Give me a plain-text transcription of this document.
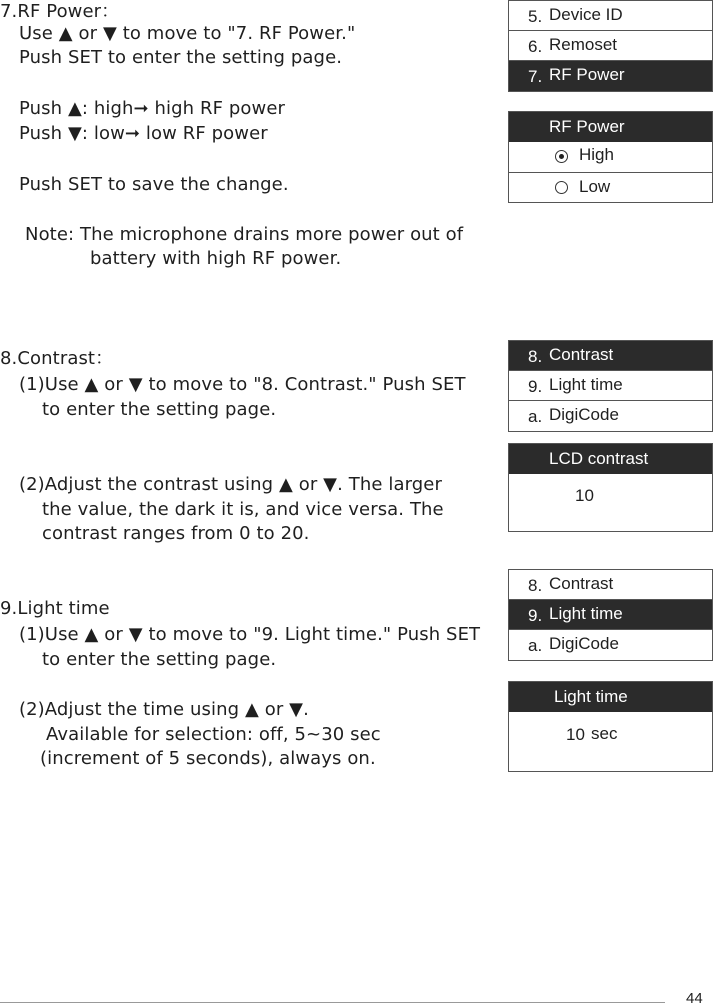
7.RF Power：
Use ▲ or ▼ to move to "7. RF Power."
Push SET to enter the setting page.
Push ▲: high➞ high RF power
Push ▼: low➞ low RF power
Push SET to save the change.
Note: The microphone drains more power out of
battery with high RF power.
8.Contrast：
(1)Use ▲ or ▼ to move to "8. Contrast." Push SET
to enter the setting page.
(2)Adjust the contrast using ▲ or ▼. The larger
the value, the dark it is, and vice versa. The
contrast ranges from 0 to 20.
9.Light time
(1)Use ▲ or ▼ to move to "9. Light time." Push SET
to enter the setting page.
(2)Adjust the time using ▲ or ▼.
Available for selection: off, 5~30 sec
(increment of 5 seconds), always on.
5. Device ID
6. Remoset
7. RF Power
RF Power
High
Low
8. Contrast
9. Light time
a. DigiCode
LCD contrast
10
8. Contrast
9. Light time
a. DigiCode
Light time
10 sec
44
